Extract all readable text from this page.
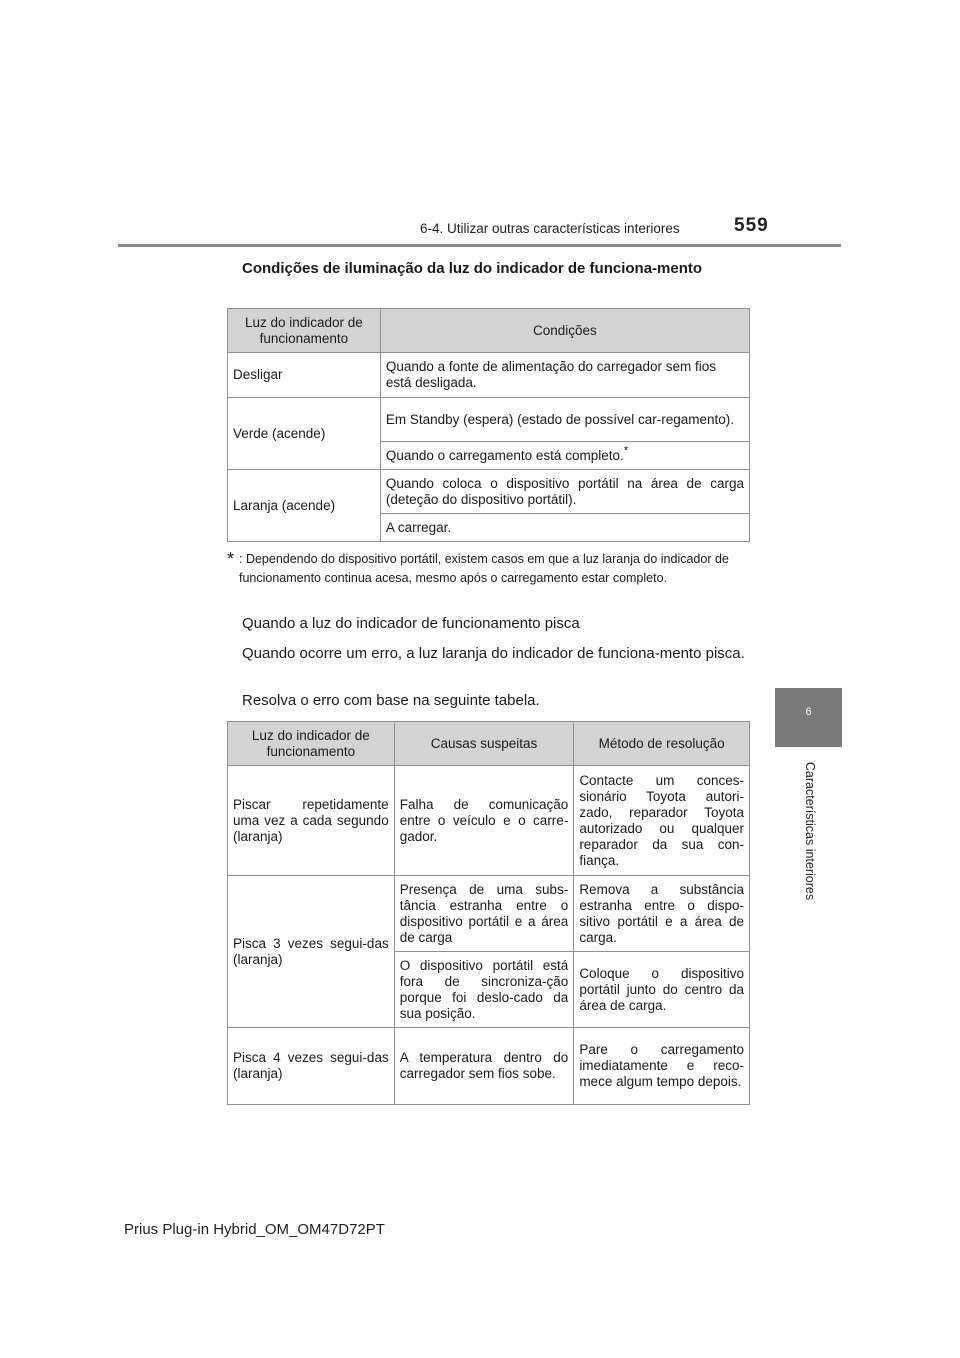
6-4. Utilizar outras características interiores	559
6
Características interiores
Condições de iluminação da luz do indicador de funciona-mento
Luz do indicador de funcionamento	Condições
Desligar	Quando a fonte de alimentação do carregador sem fios está desligada.
Verde (acende)	Em Standby (espera) (estado de possível car-regamento).
	Quando o carregamento está completo.*
Laranja (acende)	Quando coloca o dispositivo portátil na área de carga (deteção do dispositivo portátil).
	A carregar.
* : Dependendo do dispositivo portátil, existem casos em que a luz laranja do indicador de funcionamento continua acesa, mesmo após o carregamento estar completo.
Quando a luz do indicador de funcionamento pisca
Quando ocorre um erro, a luz laranja do indicador de funciona-mento pisca.
Resolva o erro com base na seguinte tabela.
Luz do indicador de funcionamento	Causas suspeitas	Método de resolução
Piscar repetidamente uma vez a cada segundo (laranja)	Falha de comunicação entre o veículo e o carre-gador.	Contacte um conces-sionário Toyota autori-zado, reparador Toyota autorizado ou qualquer reparador da sua con-fiança.
Pisca 3 vezes segui-das (laranja)	Presença de uma subs-tância estranha entre o dispositivo portátil e a área de carga	Remova a substância estranha entre o dispo-sitivo portátil e a área de carga.
	O dispositivo portátil está fora de sincroniza-ção porque foi deslo-cado da sua posição.	Coloque o dispositivo portátil junto do centro da área de carga.
Pisca 4 vezes segui-das (laranja)	A temperatura dentro do carregador sem fios sobe.	Pare o carregamento imediatamente e reco-mece algum tempo depois.
Prius Plug-in Hybrid_OM_OM47D72PT
